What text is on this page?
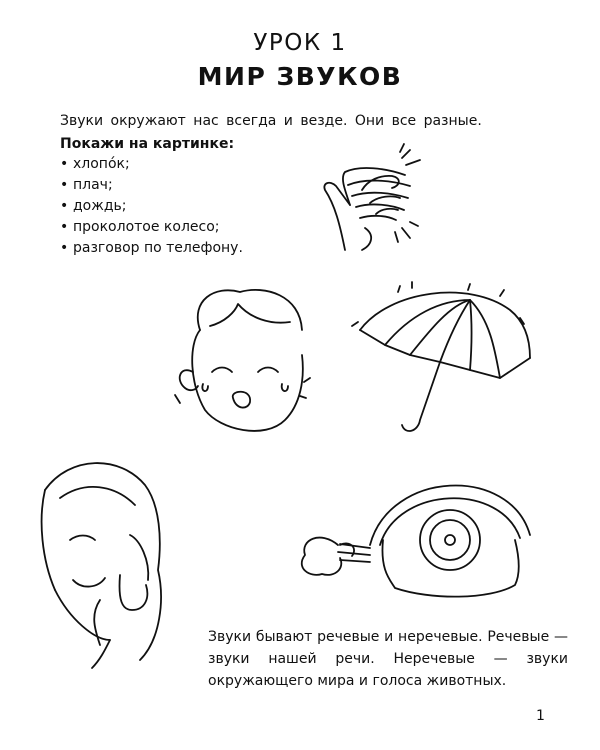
УРОК 1
МИР ЗВУКОВ
Звуки окружают нас всегда и везде. Они все разные.
Покажи на картинке:
• хлопо́к;
• плач;
• дождь;
• проколотое колесо;
• разговор по телефону.
Звуки бывают речевые и неречевые. Речевые — звуки нашей речи. Неречевые — звуки окружающего мира и голоса животных.
1
